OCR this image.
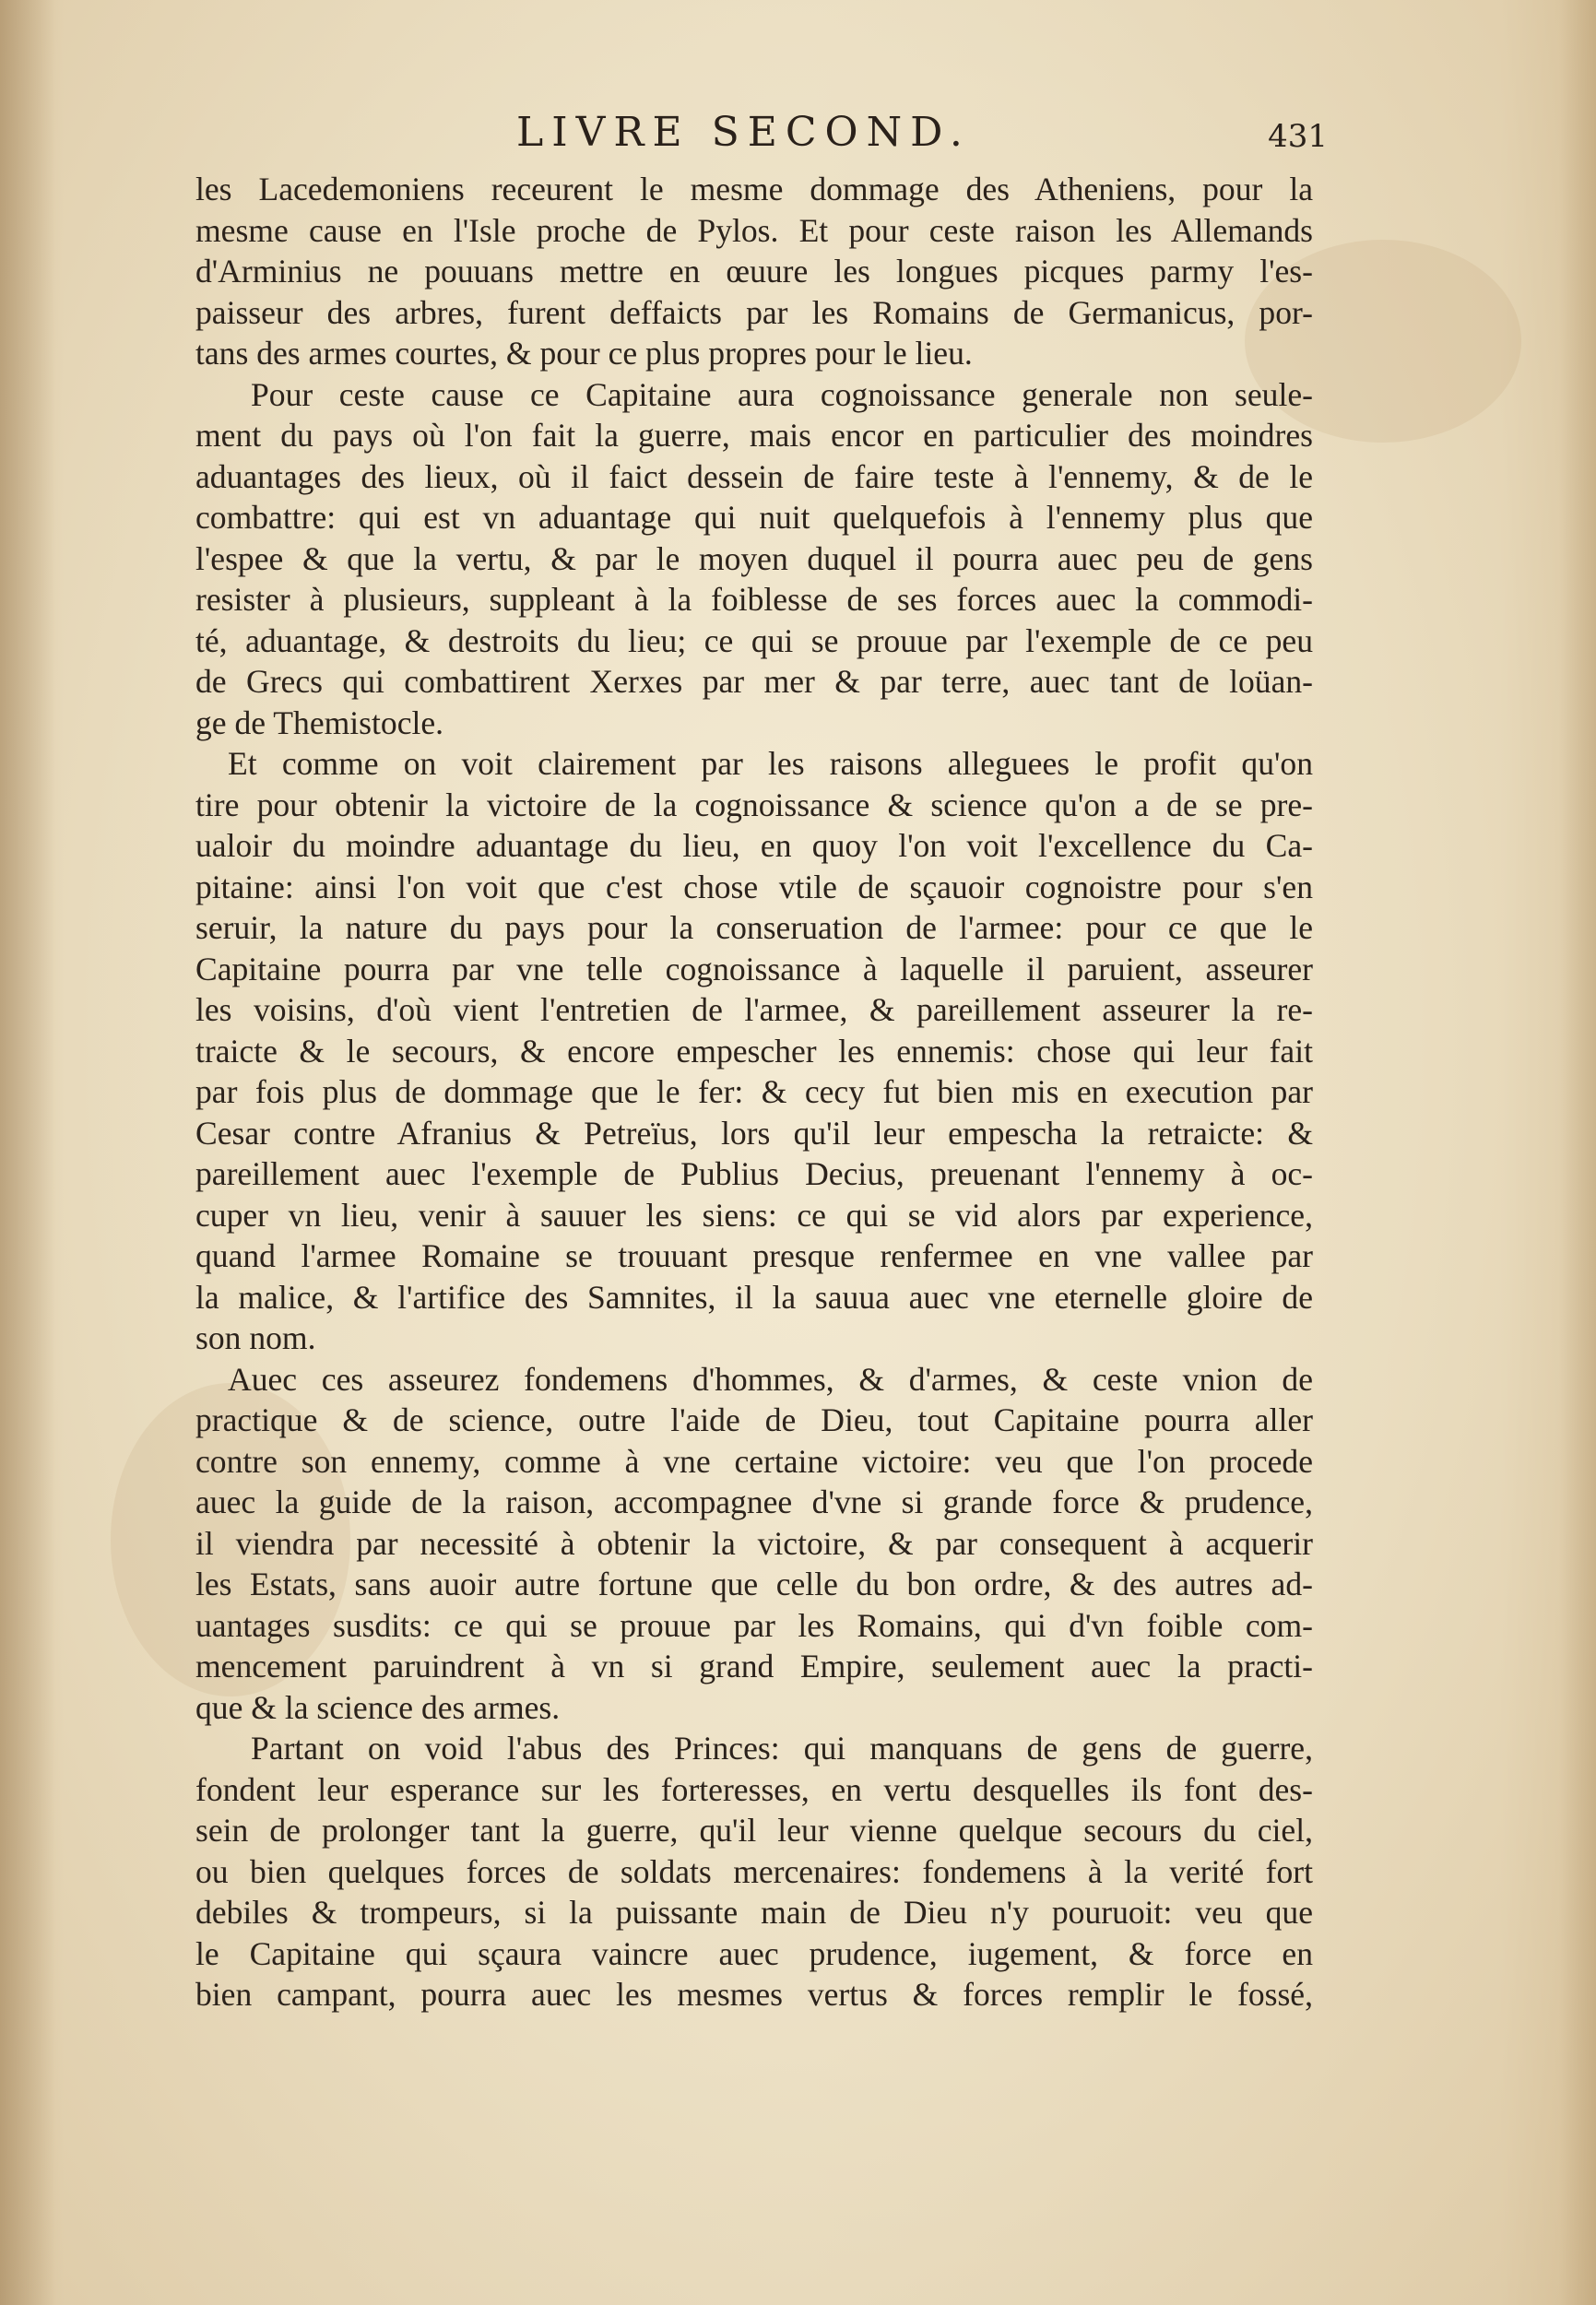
LIVRE SECOND.	431
les Lacedemoniens receurent le mesme dommage des Atheniens, pour la
mesme cause en l'Isle proche de Pylos. Et pour ceste raison les Allemands
d'Arminius ne pouuans mettre en œuure les longues picques parmy l'es-
paisseur des arbres, furent deffaicts par les Romains de Germanicus, por-
tans des armes courtes, & pour ce plus propres pour le lieu.
Pour ceste cause ce Capitaine aura cognoissance generale non seule-
ment du pays où l'on fait la guerre, mais encor en particulier des moindres
aduantages des lieux, où il faict dessein de faire teste à l'ennemy, & de le
combattre: qui est vn aduantage qui nuit quelquefois à l'ennemy plus que
l'espee & que la vertu, & par le moyen duquel il pourra auec peu de gens
resister à plusieurs, suppleant à la foiblesse de ses forces auec la commodi-
té, aduantage, & destroits du lieu; ce qui se prouue par l'exemple de ce peu
de Grecs qui combattirent Xerxes par mer & par terre, auec tant de loüan-
ge de Themistocle.
Et comme on voit clairement par les raisons alleguees le profit qu'on
tire pour obtenir la victoire de la cognoissance & science qu'on a de se pre-
ualoir du moindre aduantage du lieu, en quoy l'on voit l'excellence du Ca-
pitaine: ainsi l'on voit que c'est chose vtile de sçauoir cognoistre pour s'en
seruir, la nature du pays pour la conseruation de l'armee: pour ce que le
Capitaine pourra par vne telle cognoissance à laquelle il paruient, asseurer
les voisins, d'où vient l'entretien de l'armee, & pareillement asseurer la re-
traicte & le secours, & encore empescher les ennemis: chose qui leur fait
par fois plus de dommage que le fer: & cecy fut bien mis en execution par
Cesar contre Afranius & Petreïus, lors qu'il leur empescha la retraicte: &
pareillement auec l'exemple de Publius Decius, preuenant l'ennemy à oc-
cuper vn lieu, venir à sauuer les siens: ce qui se vid alors par experience,
quand l'armee Romaine se trouuant presque renfermee en vne vallee par
la malice, & l'artifice des Samnites, il la sauua auec vne eternelle gloire de
son nom.
Auec ces asseurez fondemens d'hommes, & d'armes, & ceste vnion de
practique & de science, outre l'aide de Dieu, tout Capitaine pourra aller
contre son ennemy, comme à vne certaine victoire: veu que l'on procede
auec la guide de la raison, accompagnee d'vne si grande force & prudence,
il viendra par necessité à obtenir la victoire, & par consequent à acquerir
les Estats, sans auoir autre fortune que celle du bon ordre, & des autres ad-
uantages susdits: ce qui se prouue par les Romains, qui d'vn foible com-
mencement paruindrent à vn si grand Empire, seulement auec la practi-
que & la science des armes.
Partant on void l'abus des Princes: qui manquans de gens de guerre,
fondent leur esperance sur les forteresses, en vertu desquelles ils font des-
sein de prolonger tant la guerre, qu'il leur vienne quelque secours du ciel,
ou bien quelques forces de soldats mercenaires: fondemens à la verité fort
debiles & trompeurs, si la puissante main de Dieu n'y pouruoit: veu que
le Capitaine qui sçaura vaincre auec prudence, iugement, & force en
bien campant, pourra auec les mesmes vertus & forces remplir le fossé,
